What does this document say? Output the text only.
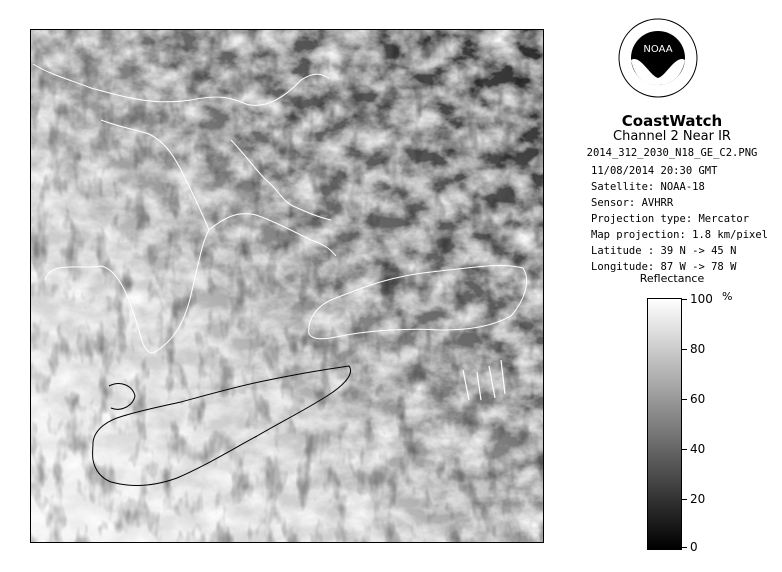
NOAA
CoastWatch
Channel 2 Near IR
2014_312_2030_N18_GE_C2.PNG
11/08/2014 20:30 GMT
Satellite: NOAA-18
Sensor: AVHRR
Projection type: Mercator
Map projection: 1.8 km/pixel
Latitude : 39 N -> 45 N
Longitude: 87 W -> 78 W
Reflectance
%
100
80
60
40
20
0
